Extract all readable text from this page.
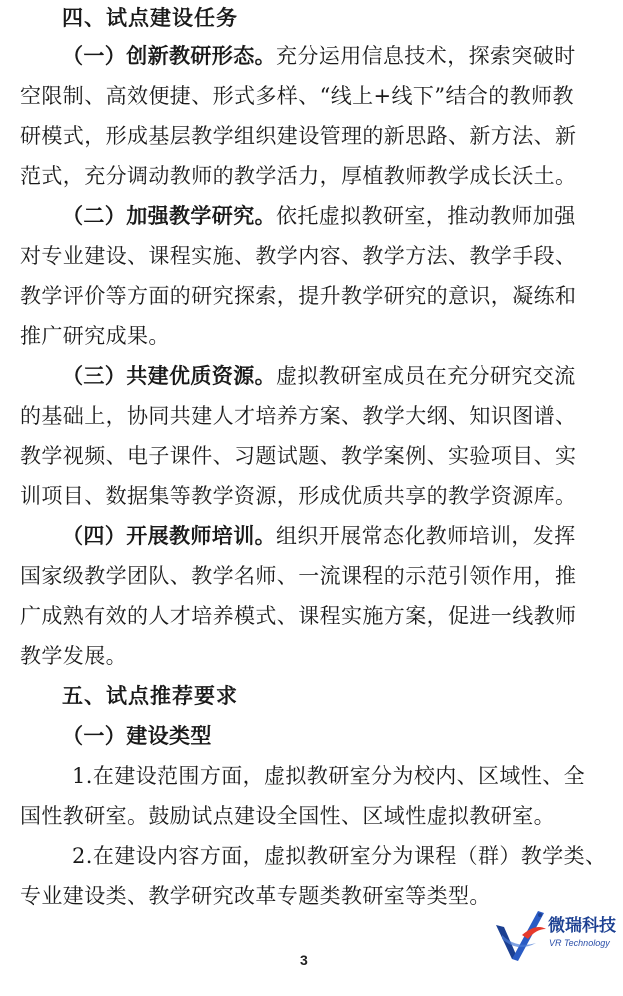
四、试点建设任务
（一）创新教研形态。充分运用信息技术，探索突破时
空限制、高效便捷、形式多样、“线上+线下”结合的教师教
研模式，形成基层教学组织建设管理的新思路、新方法、新
范式，充分调动教师的教学活力，厚植教师教学成长沃土。
（二）加强教学研究。依托虚拟教研室，推动教师加强
对专业建设、课程实施、教学内容、教学方法、教学手段、
教学评价等方面的研究探索，提升教学研究的意识，凝练和
推广研究成果。
（三）共建优质资源。虚拟教研室成员在充分研究交流
的基础上，协同共建人才培养方案、教学大纲、知识图谱、
教学视频、电子课件、习题试题、教学案例、实验项目、实
训项目、数据集等教学资源，形成优质共享的教学资源库。
（四）开展教师培训。组织开展常态化教师培训，发挥
国家级教学团队、教学名师、一流课程的示范引领作用，推
广成熟有效的人才培养模式、课程实施方案，促进一线教师
教学发展。
五、试点推荐要求
（一）建设类型
1.在建设范围方面，虚拟教研室分为校内、区域性、全
国性教研室。鼓励试点建设全国性、区域性虚拟教研室。
2.在建设内容方面，虚拟教研室分为课程（群）教学类、
专业建设类、教学研究改革专题类教研室等类型。
3
微瑞科技
VR Technology
